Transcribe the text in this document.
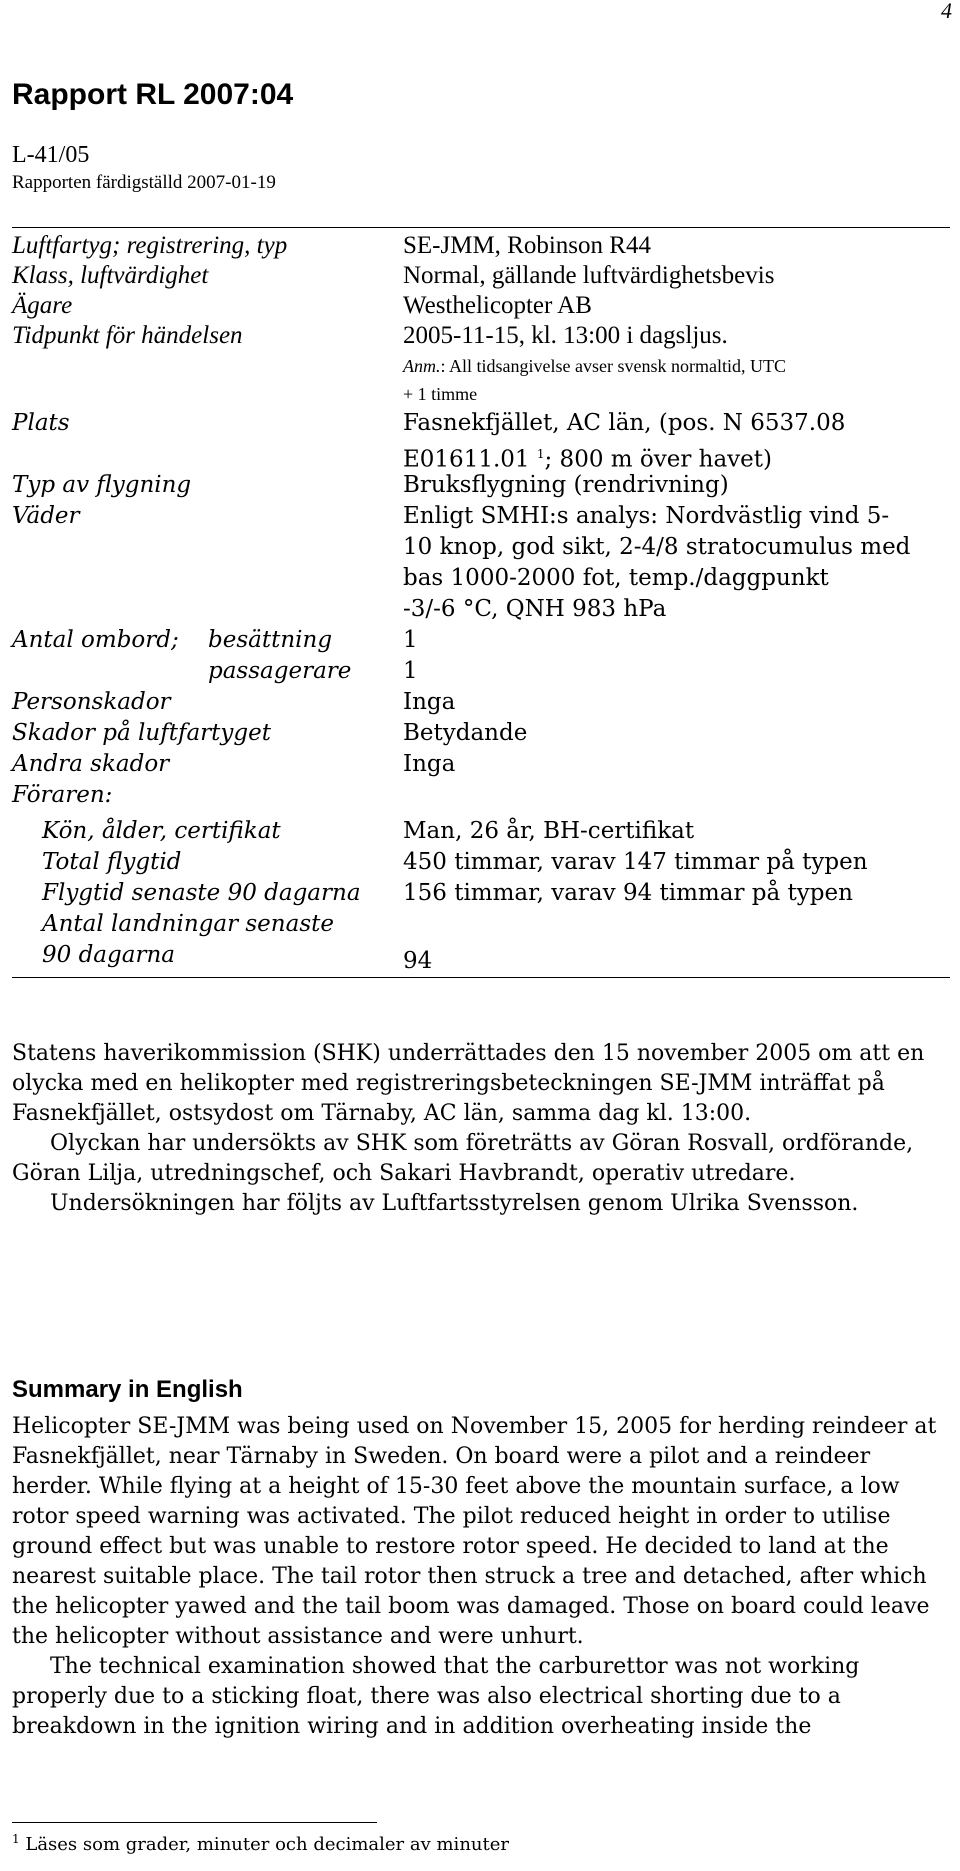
4
Rapport RL 2007:04
L-41/05
Rapporten färdigställd 2007-01-19
Luftfartyg; registrering, typ	SE-JMM, Robinson R44
Klass, luftvärdighet	Normal, gällande luftvärdighetsbevis
Ägare	Westhelicopter AB
Tidpunkt för händelsen	2005-11-15, kl. 13:00 i dagsljus.
Anm.: All tidsangivelse avser svensk normaltid, UTC
+ 1 timme
Plats	Fasnekfjället, AC län, (pos. N 6537.08
E01611.01 $^1$; 800 m över havet)
Typ av flygning	Bruksflygning (rendrivning)
Väder	Enligt SMHI:s analys: Nordvästlig vind 5-
10 knop, god sikt, 2-4/8 stratocumulus med
bas 1000-2000 fot, temp./daggpunkt
-3/-6 °C, QNH 983 hPa
Antal ombord; besättning	1
passagerare 1
Personskador	Inga
Skador på luftfartyget	Betydande
Andra skador	Inga
Föraren:
Kön, ålder, certifikat	Man, 26 år, BH-certifikat
Total flygtid	450 timmar, varav 147 timmar på typen
Flygtid senaste 90 dagarna 156 timmar, varav 94 timmar på typen
Antal landningar senaste
90 dagarna	94

Statens haverikommission (SHK) underrättades den 15 november 2005 om att en olycka med en helikopter med registreringsbeteckningen SE-JMM inträffat på Fasnekfjället, ostsydost om Tärnaby, AC län, samma dag kl. 13:00.

Olyckan har undersökts av SHK som företrätts av Göran Rosvall, ordförande, Göran Lilja, utredningschef, och Sakari Havbrandt, operativ utredare.

Undersökningen har följts av Luftfartsstyrelsen genom Ulrika Svensson.

Summary in English

Helicopter SE-JMM was being used on November 15, 2005 for herding reindeer at Fasnekfjället, near Tärnaby in Sweden. On board were a pilot and a reindeer herder. While flying at a height of 15-30 feet above the mountain surface, a low rotor speed warning was activated. The pilot reduced height in order to utilise ground effect but was unable to restore rotor speed. He decided to land at the nearest suitable place. The tail rotor then struck a tree and detached, after which the helicopter yawed and the tail boom was damaged. Those on board could leave the helicopter without assistance and were unhurt.

The technical examination showed that the carburettor was not working properly due to a sticking float, there was also electrical shorting due to a breakdown in the ignition wiring and in addition overheating inside the

$^1$ Läses som grader, minuter och decimaler av minuter
